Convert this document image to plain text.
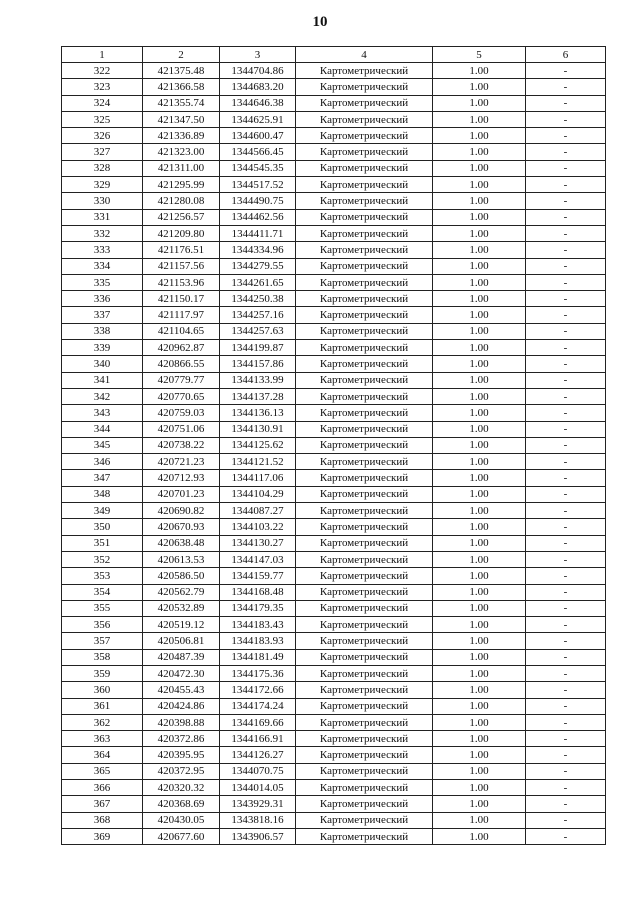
10
1	2	3	4	5	6
322	421375.48	1344704.86	Картометрический	1.00	-
323	421366.58	1344683.20	Картометрический	1.00	-
324	421355.74	1344646.38	Картометрический	1.00	-
325	421347.50	1344625.91	Картометрический	1.00	-
326	421336.89	1344600.47	Картометрический	1.00	-
327	421323.00	1344566.45	Картометрический	1.00	-
328	421311.00	1344545.35	Картометрический	1.00	-
329	421295.99	1344517.52	Картометрический	1.00	-
330	421280.08	1344490.75	Картометрический	1.00	-
331	421256.57	1344462.56	Картометрический	1.00	-
332	421209.80	1344411.71	Картометрический	1.00	-
333	421176.51	1344334.96	Картометрический	1.00	-
334	421157.56	1344279.55	Картометрический	1.00	-
335	421153.96	1344261.65	Картометрический	1.00	-
336	421150.17	1344250.38	Картометрический	1.00	-
337	421117.97	1344257.16	Картометрический	1.00	-
338	421104.65	1344257.63	Картометрический	1.00	-
339	420962.87	1344199.87	Картометрический	1.00	-
340	420866.55	1344157.86	Картометрический	1.00	-
341	420779.77	1344133.99	Картометрический	1.00	-
342	420770.65	1344137.28	Картометрический	1.00	-
343	420759.03	1344136.13	Картометрический	1.00	-
344	420751.06	1344130.91	Картометрический	1.00	-
345	420738.22	1344125.62	Картометрический	1.00	-
346	420721.23	1344121.52	Картометрический	1.00	-
347	420712.93	1344117.06	Картометрический	1.00	-
348	420701.23	1344104.29	Картометрический	1.00	-
349	420690.82	1344087.27	Картометрический	1.00	-
350	420670.93	1344103.22	Картометрический	1.00	-
351	420638.48	1344130.27	Картометрический	1.00	-
352	420613.53	1344147.03	Картометрический	1.00	-
353	420586.50	1344159.77	Картометрический	1.00	-
354	420562.79	1344168.48	Картометрический	1.00	-
355	420532.89	1344179.35	Картометрический	1.00	-
356	420519.12	1344183.43	Картометрический	1.00	-
357	420506.81	1344183.93	Картометрический	1.00	-
358	420487.39	1344181.49	Картометрический	1.00	-
359	420472.30	1344175.36	Картометрический	1.00	-
360	420455.43	1344172.66	Картометрический	1.00	-
361	420424.86	1344174.24	Картометрический	1.00	-
362	420398.88	1344169.66	Картометрический	1.00	-
363	420372.86	1344166.91	Картометрический	1.00	-
364	420395.95	1344126.27	Картометрический	1.00	-
365	420372.95	1344070.75	Картометрический	1.00	-
366	420320.32	1344014.05	Картометрический	1.00	-
367	420368.69	1343929.31	Картометрический	1.00	-
368	420430.05	1343818.16	Картометрический	1.00	-
369	420677.60	1343906.57	Картометрический	1.00	-
